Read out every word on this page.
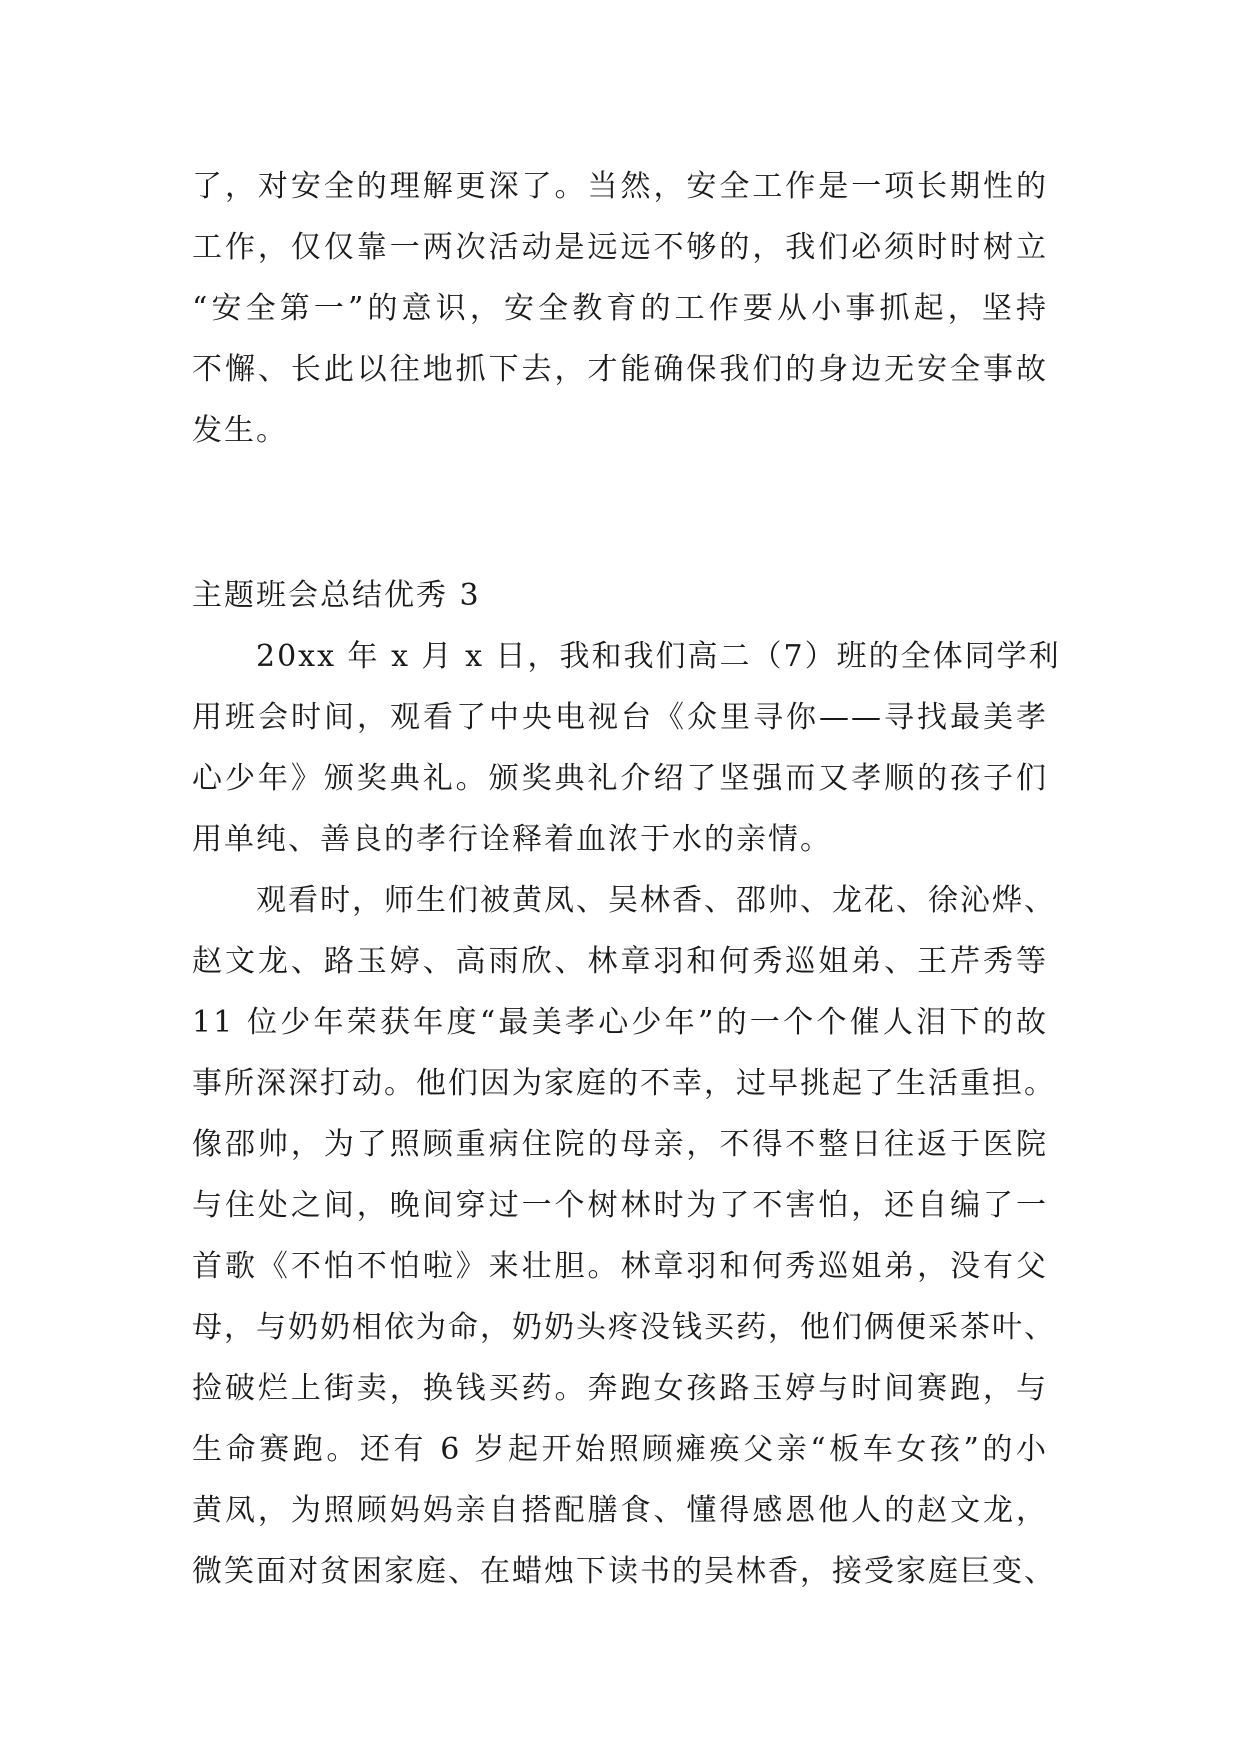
了，对安全的理解更深了。当然，安全工作是一项长期性的
工作，仅仅靠一两次活动是远远不够的，我们必须时时树立
“安全第一”的意识，安全教育的工作要从小事抓起，坚持
不懈、长此以往地抓下去，才能确保我们的身边无安全事故
发生。
主题班会总结优秀 3
20xx 年 x 月 x 日，我和我们高二（7）班的全体同学利
用班会时间，观看了中央电视台《众里寻你——寻找最美孝
心少年》颁奖典礼。颁奖典礼介绍了坚强而又孝顺的孩子们
用单纯、善良的孝行诠释着血浓于水的亲情。
观看时，师生们被黄凤、吴林香、邵帅、龙花、徐沁烨、
赵文龙、路玉婷、高雨欣、林章羽和何秀巡姐弟、王芹秀等
11 位少年荣获年度“最美孝心少年”的一个个催人泪下的故
事所深深打动。他们因为家庭的不幸，过早挑起了生活重担。
像邵帅，为了照顾重病住院的母亲，不得不整日往返于医院
与住处之间，晚间穿过一个树林时为了不害怕，还自编了一
首歌《不怕不怕啦》来壮胆。林章羽和何秀巡姐弟，没有父
母，与奶奶相依为命，奶奶头疼没钱买药，他们俩便采茶叶、
捡破烂上街卖，换钱买药。奔跑女孩路玉婷与时间赛跑，与
生命赛跑。还有 6 岁起开始照顾瘫痪父亲“板车女孩”的小
黄凤，为照顾妈妈亲自搭配膳食、懂得感恩他人的赵文龙，
微笑面对贫困家庭、在蜡烛下读书的吴林香，接受家庭巨变、
